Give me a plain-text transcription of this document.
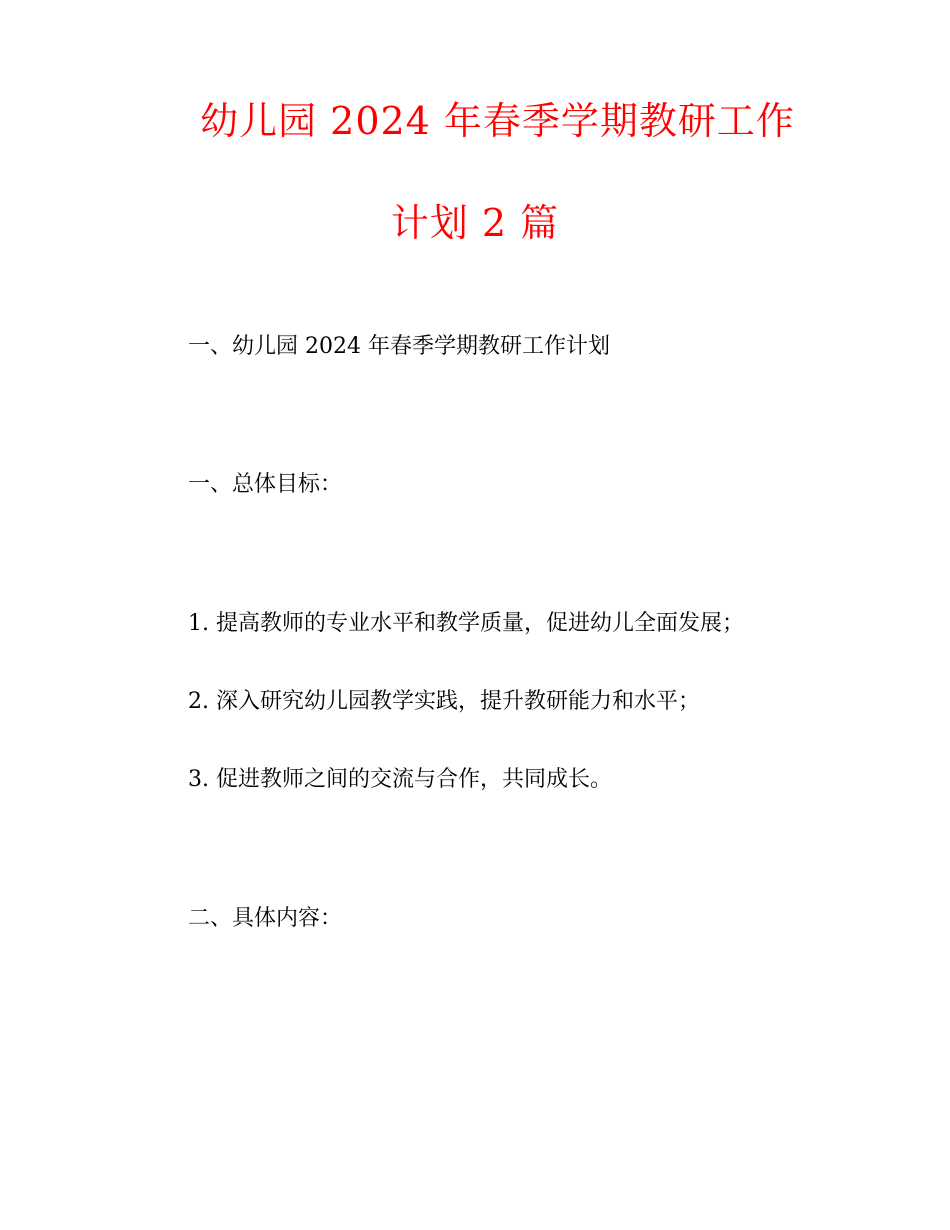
幼儿园 2024 年春季学期教研工作
计划 2 篇
一、幼儿园 2024 年春季学期教研工作计划
一、总体目标：
1. 提高教师的专业水平和教学质量，促进幼儿全面发展；
2. 深入研究幼儿园教学实践，提升教研能力和水平；
3. 促进教师之间的交流与合作，共同成长。
二、具体内容：
